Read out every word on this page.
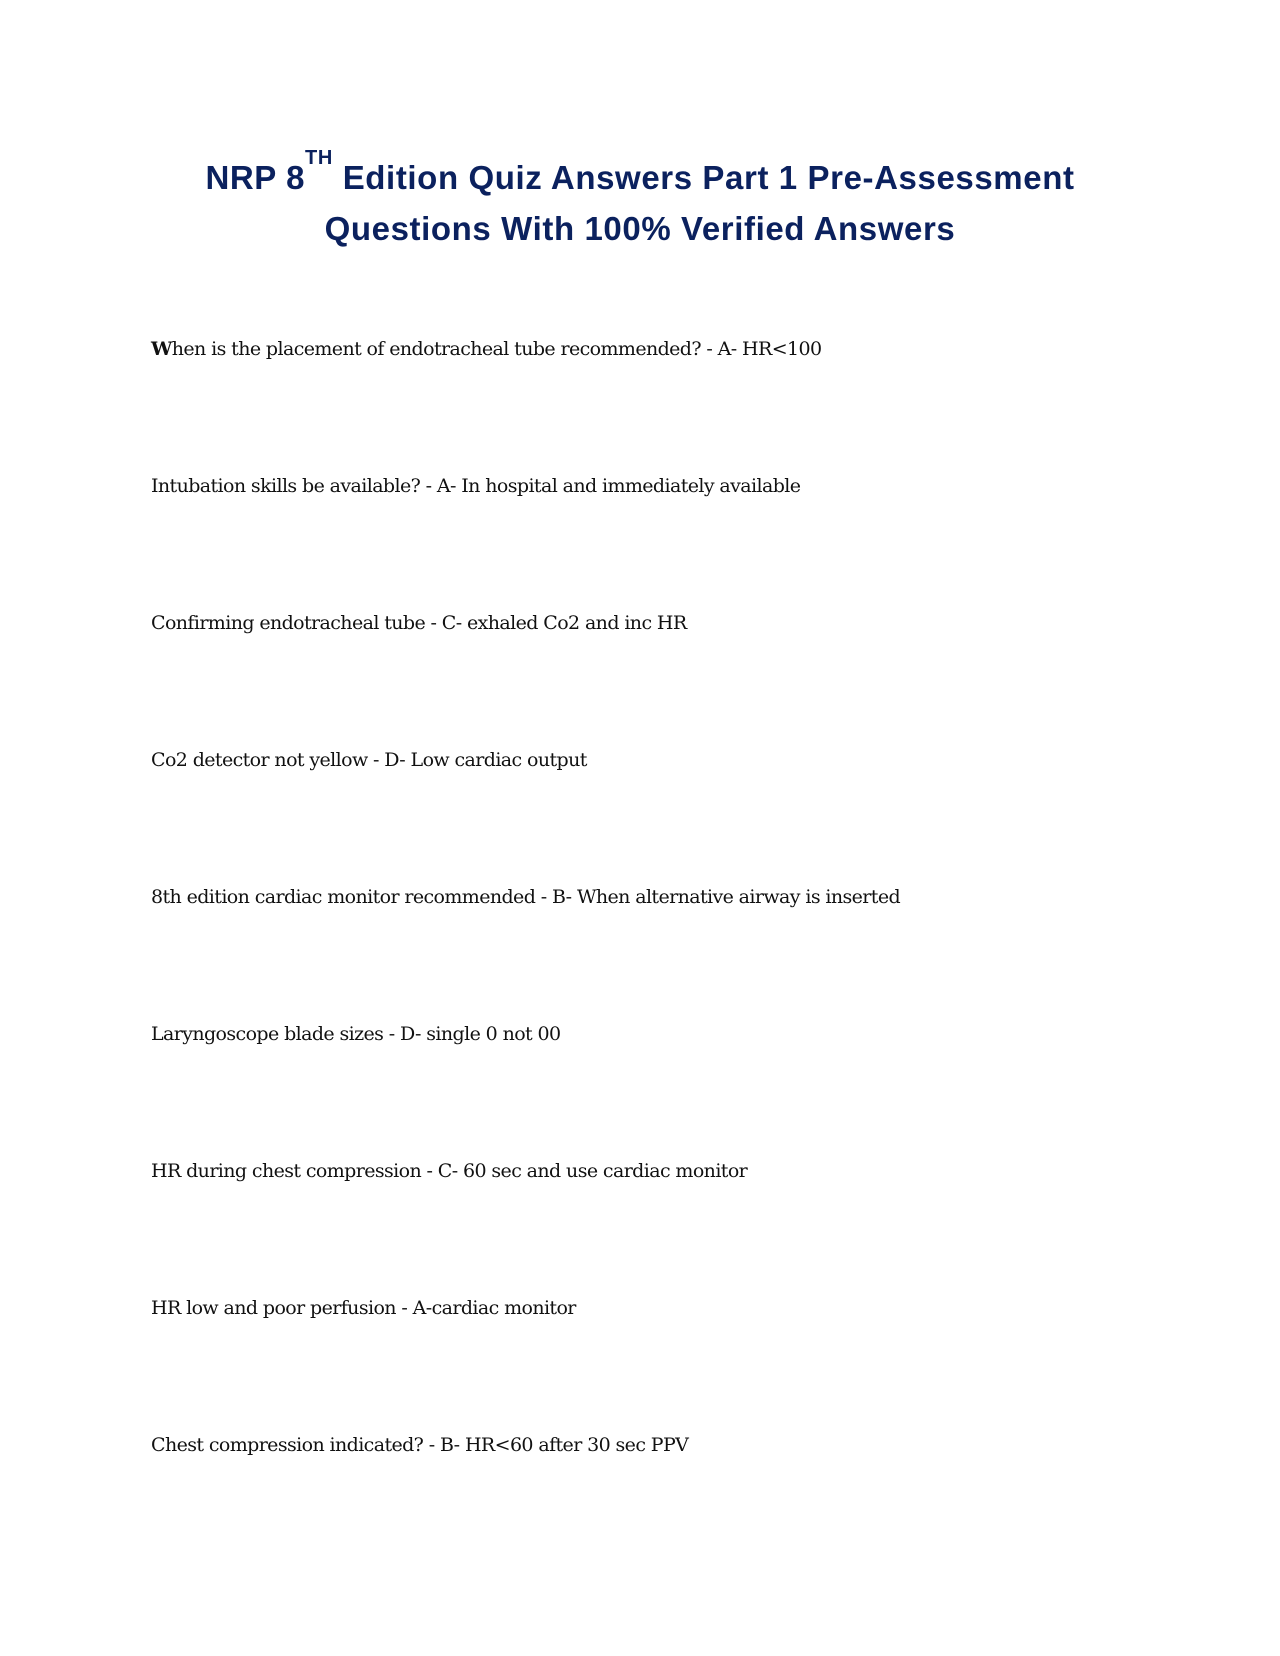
NRP 8TH Edition Quiz Answers Part 1 Pre-Assessment
Questions With 100% Verified Answers
When is the placement of endotracheal tube recommended? - A- HR<100
Intubation skills be available? - A- In hospital and immediately available
Confirming endotracheal tube - C- exhaled Co2 and inc HR
Co2 detector not yellow - D- Low cardiac output
8th edition cardiac monitor recommended - B- When alternative airway is inserted
Laryngoscope blade sizes - D- single 0 not 00
HR during chest compression - C- 60 sec and use cardiac monitor
HR low and poor perfusion - A-cardiac monitor
Chest compression indicated? - B- HR<60 after 30 sec PPV
